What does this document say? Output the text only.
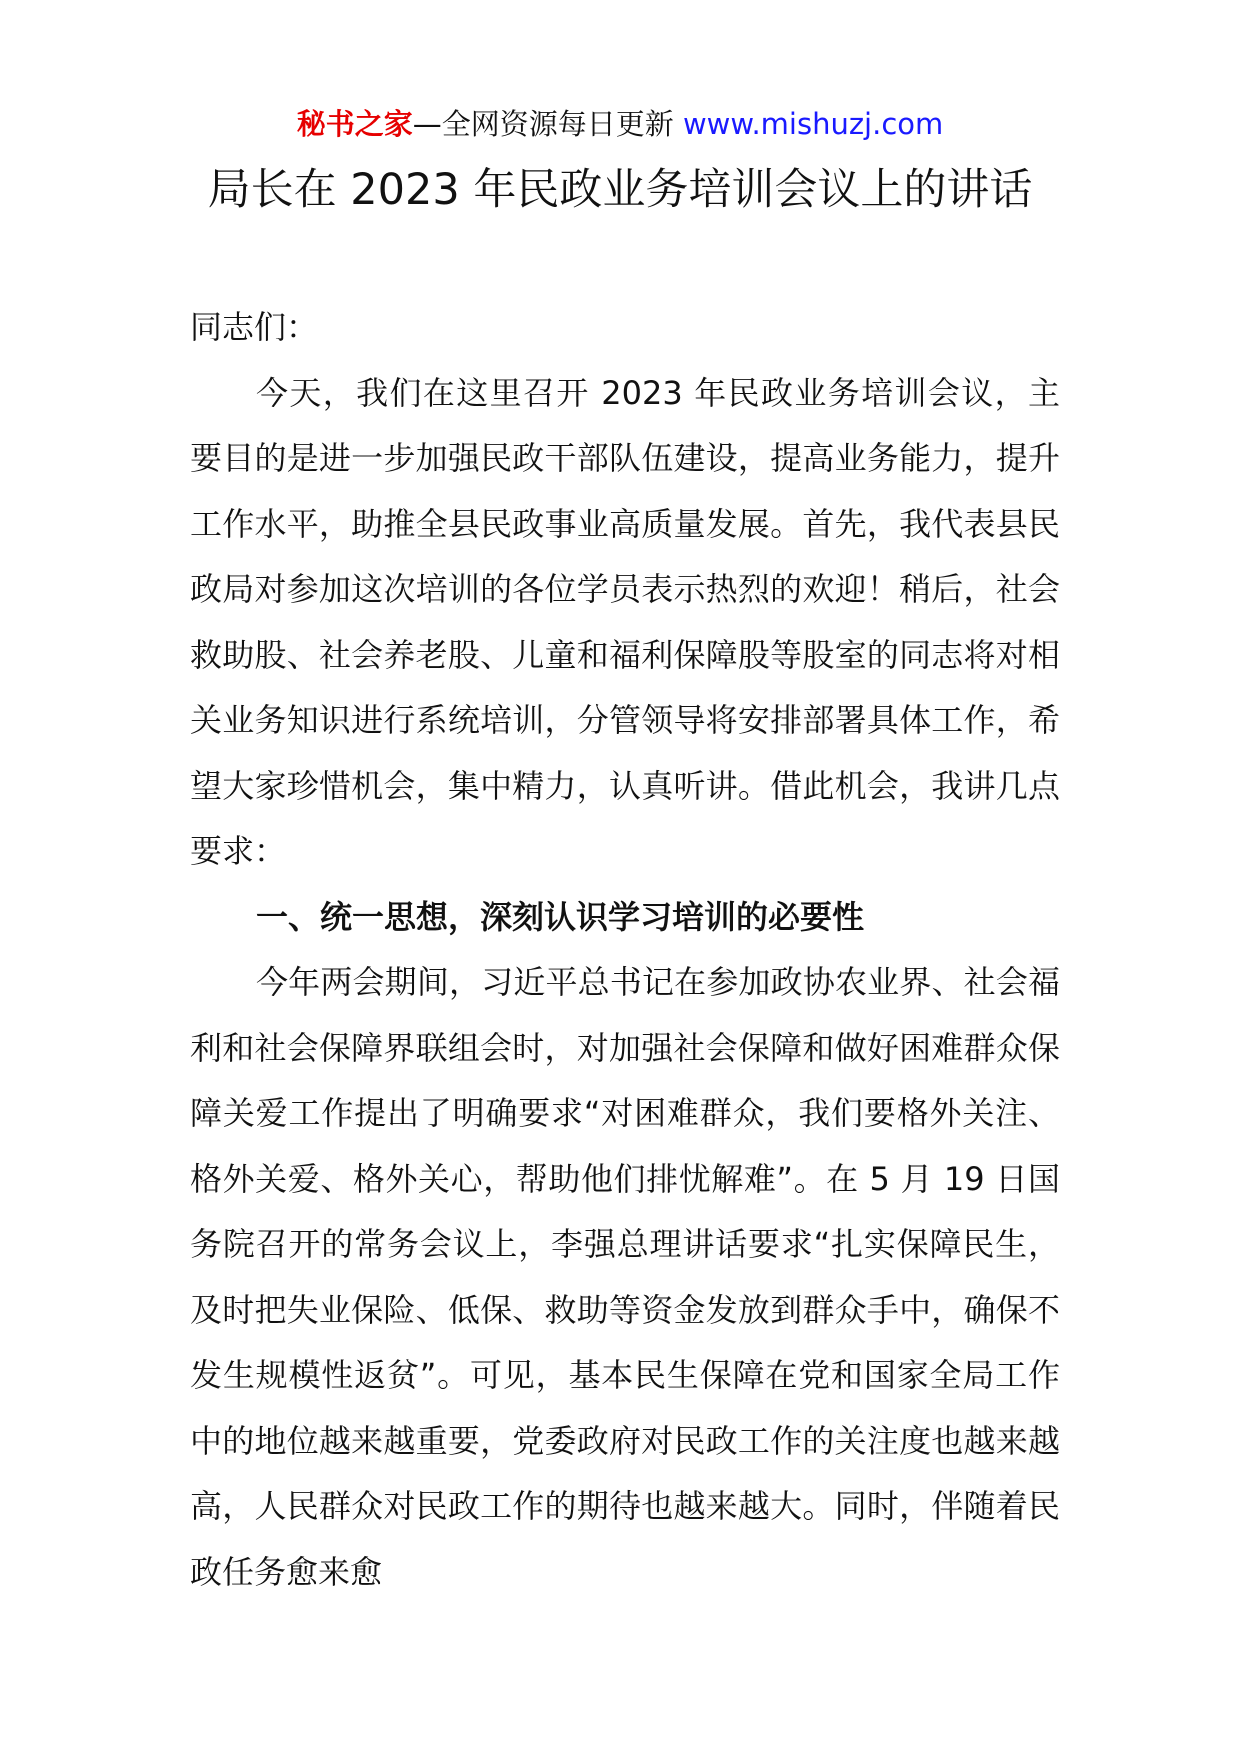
秘书之家—全网资源每日更新 www.mishuzj.com
局长在 2023 年民政业务培训会议上的讲话

同志们：

今天，我们在这里召开 2023 年民政业务培训会议，主要目的是进一步加强民政干部队伍建设，提高业务能力，提升工作水平，助推全县民政事业高质量发展。首先，我代表县民政局对参加这次培训的各位学员表示热烈的欢迎！稍后，社会救助股、社会养老股、儿童和福利保障股等股室的同志将对相关业务知识进行系统培训，分管领导将安排部署具体工作，希望大家珍惜机会，集中精力，认真听讲。借此机会，我讲几点要求：

一、统一思想，深刻认识学习培训的必要性

今年两会期间，习近平总书记在参加政协农业界、社会福利和社会保障界联组会时，对加强社会保障和做好困难群众保障关爱工作提出了明确要求“对困难群众，我们要格外关注、格外关爱、格外关心，帮助他们排忧解难”。在 5 月 19 日国务院召开的常务会议上，李强总理讲话要求“扎实保障民生，及时把失业保险、低保、救助等资金发放到群众手中，确保不发生规模性返贫”。可见，基本民生保障在党和国家全局工作中的地位越来越重要，党委政府对民政工作的关注度也越来越高，人民群众对民政工作的期待也越来越大。同时，伴随着民政任务愈来愈
